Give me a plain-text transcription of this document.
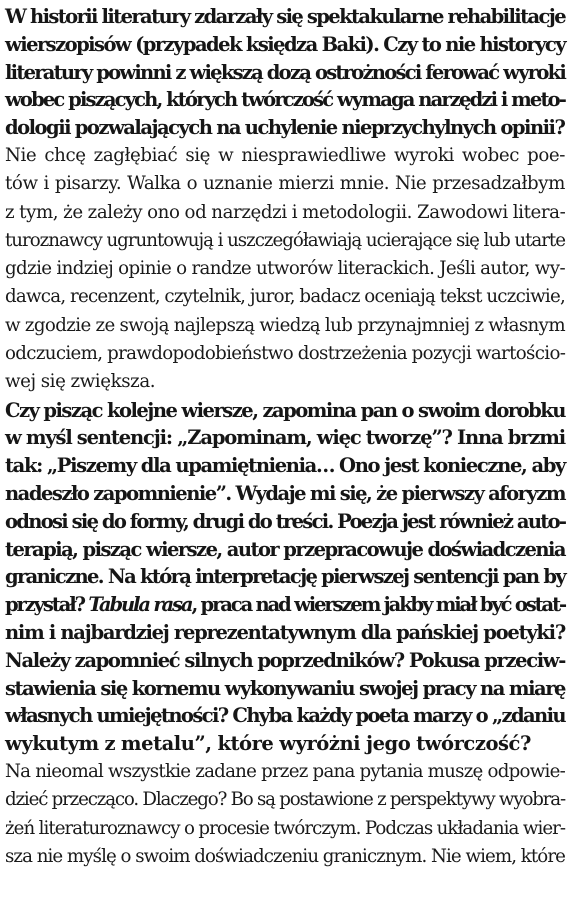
W historii literatury zdarzały się spektakularne rehabilitacje
wierszopisów (przypadek księdza Baki). Czy to nie historycy
literatury powinni z większą dozą ostrożności ferować wyroki
wobec piszących, których twórczość wymaga narzędzi i meto-
dologii pozwalających na uchylenie nieprzychylnych opinii?

Nie chcę zagłębiać się w niesprawiedliwe wyroki wobec poe-
tów i pisarzy. Walka o uznanie mierzi mnie. Nie przesadzałbym
z tym, że zależy ono od narzędzi i metodologii. Zawodowi litera-
turoznawcy ugruntowują i uszczegóławiają ucierające się lub utarte
gdzie indziej opinie o randze utworów literackich. Jeśli autor, wy-
dawca, recenzent, czytelnik, juror, badacz oceniają tekst uczciwie,
w zgodzie ze swoją najlepszą wiedzą lub przynajmniej z własnym
odczuciem, prawdopodobieństwo dostrzeżenia pozycji wartościo-
wej się zwiększa.

Czy pisząc kolejne wiersze, zapomina pan o swoim dorobku
w myśl sentencji: „Zapominam, więc tworzę”? Inna brzmi
tak: „Piszemy dla upamiętnienia… Ono jest konieczne, aby
nadeszło zapomnienie”. Wydaje mi się, że pierwszy aforyzm
odnosi się do formy, drugi do treści. Poezja jest również auto-
terapią, pisząc wiersze, autor przepracowuje doświadczenia
graniczne. Na którą interpretację pierwszej sentencji pan by
przystał? Tabula rasa, praca nad wierszem jakby miał być ostat-
nim i najbardziej reprezentatywnym dla pańskiej poetyki?
Należy zapomnieć silnych poprzedników? Pokusa przeciw-
stawienia się kornemu wykonywaniu swojej pracy na miarę
własnych umiejętności? Chyba każdy poeta marzy o „zdaniu
wykutym z metalu”, które wyróżni jego twórczość?

Na nieomal wszystkie zadane przez pana pytania muszę odpowie-
dzieć przecząco. Dlaczego? Bo są postawione z perspektywy wyobra-
żeń literaturoznawcy o procesie twórczym. Podczas układania wier-
sza nie myślę o swoim doświadczeniu granicznym. Nie wiem, które
